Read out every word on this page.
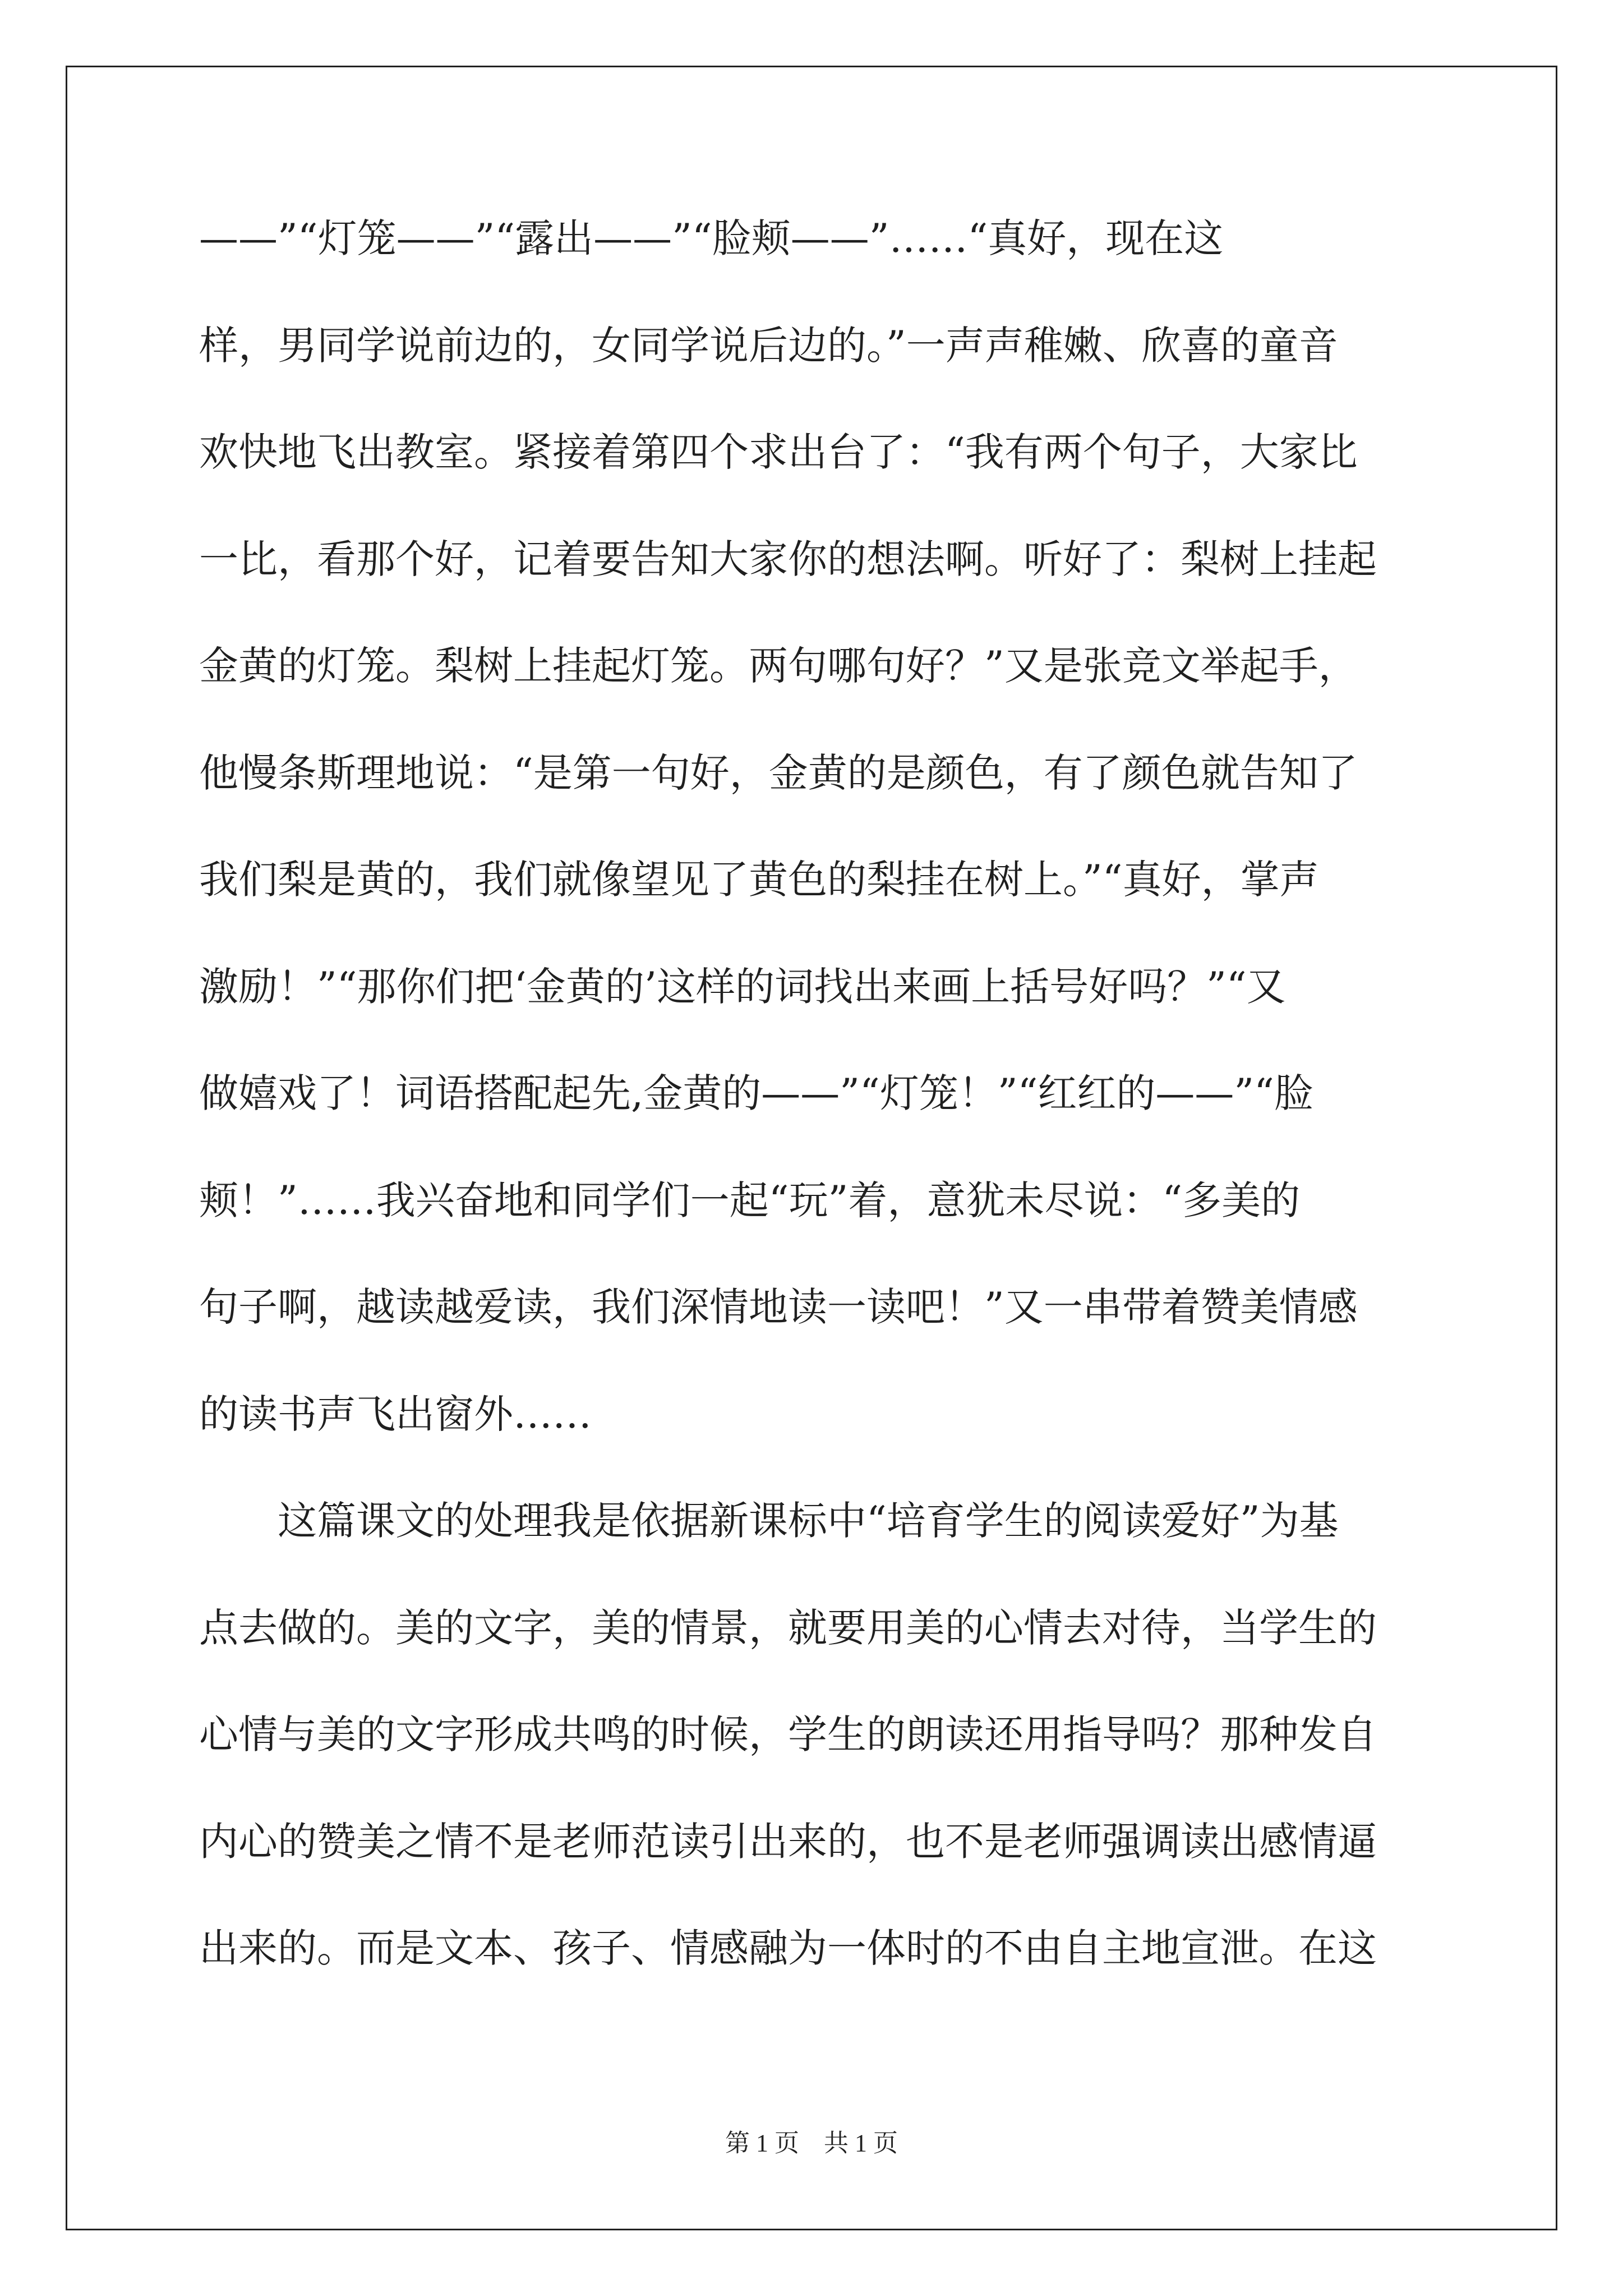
——”“灯笼——”“露出——”“脸颊——”……“真好，现在这
样，男同学说前边的，女同学说后边的。”一声声稚嫩、欣喜的童音
欢快地飞出教室。紧接着第四个求出台了：“我有两个句子，大家比
一比，看那个好，记着要告知大家你的想法啊。听好了：梨树上挂起
金黄的灯笼。梨树上挂起灯笼。两句哪句好？”又是张竞文举起手，
他慢条斯理地说：“是第一句好，金黄的是颜色，有了颜色就告知了
我们梨是黄的，我们就像望见了黄色的梨挂在树上。”“真好，掌声
激励！”“那你们把‘金黄的’这样的词找出来画上括号好吗？”“又
做嬉戏了！词语搭配起先,金黄的——”“灯笼！”“红红的——”“脸
颊！”……我兴奋地和同学们一起“玩”着，意犹未尽说：“多美的
句子啊，越读越爱读，我们深情地读一读吧！”又一串带着赞美情感
的读书声飞出窗外……
这篇课文的处理我是依据新课标中“培育学生的阅读爱好”为基
点去做的。美的文字，美的情景，就要用美的心情去对待，当学生的
心情与美的文字形成共鸣的时候，学生的朗读还用指导吗？那种发自
内心的赞美之情不是老师范读引出来的，也不是老师强调读出感情逼
出来的。而是文本、孩子、情感融为一体时的不由自主地宣泄。在这
第 1 页　共 1 页
